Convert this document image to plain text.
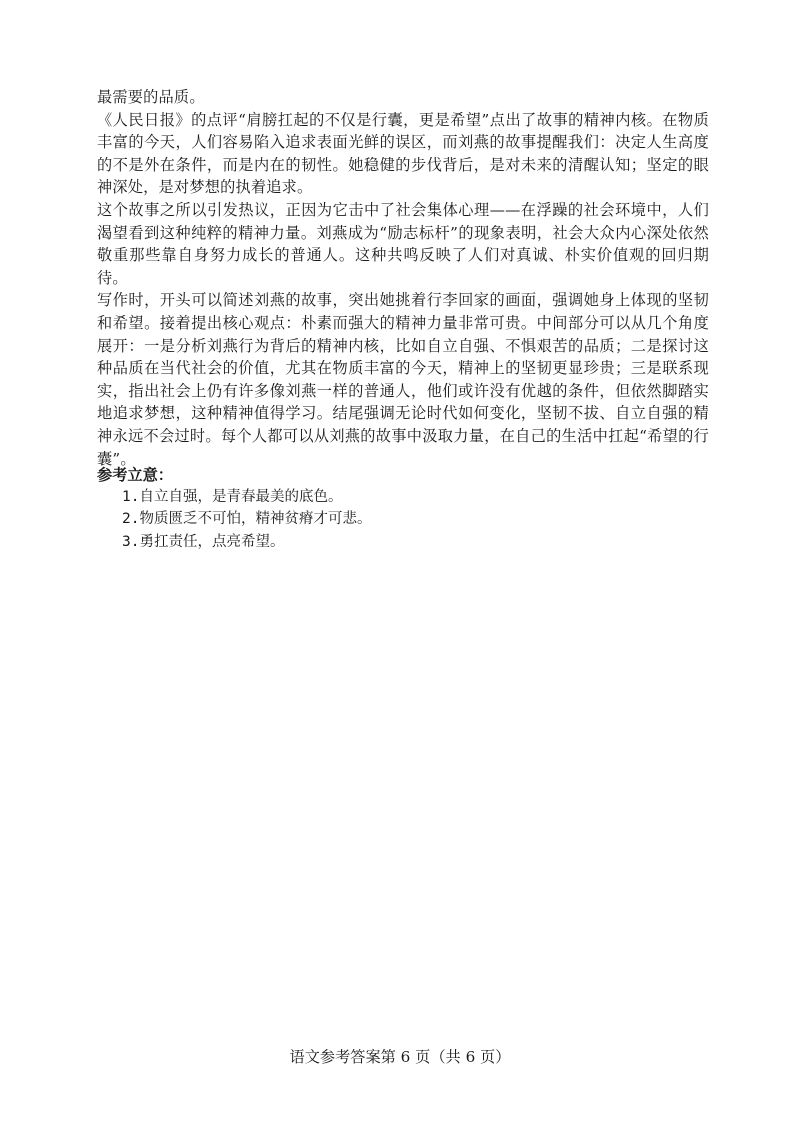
最需要的品质。

《人民日报》的点评“肩膀扛起的不仅是行囊，更是希望”点出了故事的精神内核。在物质丰富的今天，人们容易陷入追求表面光鲜的误区，而刘燕的故事提醒我们：决定人生高度的不是外在条件，而是内在的韧性。她稳健的步伐背后，是对未来的清醒认知；坚定的眼神深处，是对梦想的执着追求。

这个故事之所以引发热议，正因为它击中了社会集体心理——在浮躁的社会环境中，人们渴望看到这种纯粹的精神力量。刘燕成为“励志标杆”的现象表明，社会大众内心深处依然敬重那些靠自身努力成长的普通人。这种共鸣反映了人们对真诚、朴实价值观的回归期待。

写作时，开头可以简述刘燕的故事，突出她挑着行李回家的画面，强调她身上体现的坚韧和希望。接着提出核心观点：朴素而强大的精神力量非常可贵。中间部分可以从几个角度展开：一是分析刘燕行为背后的精神内核，比如自立自强、不惧艰苦的品质；二是探讨这种品质在当代社会的价值，尤其在物质丰富的今天，精神上的坚韧更显珍贵；三是联系现实，指出社会上仍有许多像刘燕一样的普通人，他们或许没有优越的条件，但依然脚踏实地追求梦想，这种精神值得学习。结尾强调无论时代如何变化，坚韧不拔、自立自强的精神永远不会过时。每个人都可以从刘燕的故事中汲取力量，在自己的生活中扛起“希望的行囊”。

参考立意：
1.自立自强，是青春最美的底色。
2.物质匮乏不可怕，精神贫瘠才可悲。
3.勇扛责任，点亮希望。
语文参考答案第 6 页（共 6 页）
